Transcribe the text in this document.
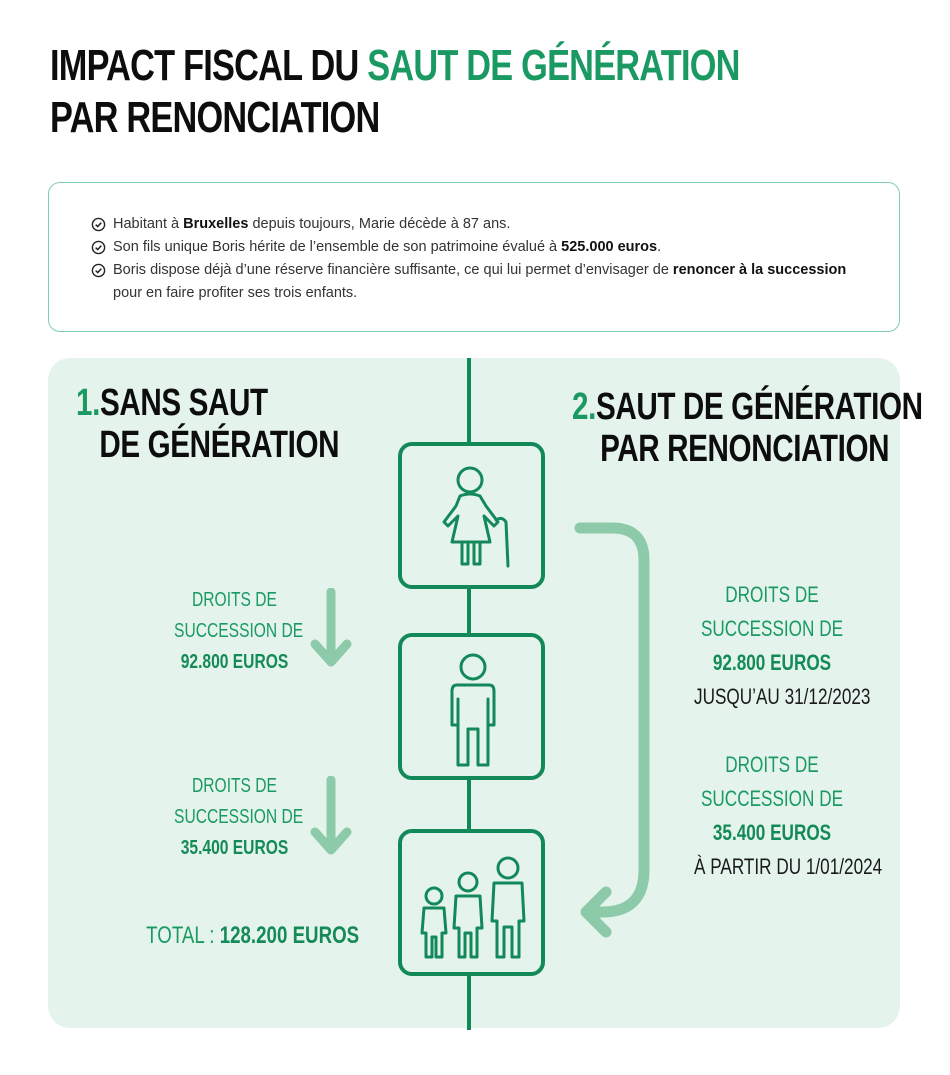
IMPACT FISCAL DU SAUT DE GÉNÉRATION
PAR RENONCIATION
Habitant à Bruxelles depuis toujours, Marie décède à 87 ans.
Son fils unique Boris hérite de l’ensemble de son patrimoine évalué à 525.000 euros.
Boris dispose déjà d’une réserve financière suffisante, ce qui lui permet d’envisager de renoncer à la succession pour en faire profiter ses trois enfants.
1.SANS SAUT
DE GÉNÉRATION
2.SAUT DE GÉNÉRATION
PAR RENONCIATION
DROITS DE
SUCCESSION DE
92.800 EUROS
DROITS DE
SUCCESSION DE
35.400 EUROS
TOTAL : 128.200 EUROS
DROITS DE
SUCCESSION DE
92.800 EUROS
JUSQU’AU 31/12/2023
DROITS DE
SUCCESSION DE
35.400 EUROS
À PARTIR DU 1/01/2024
